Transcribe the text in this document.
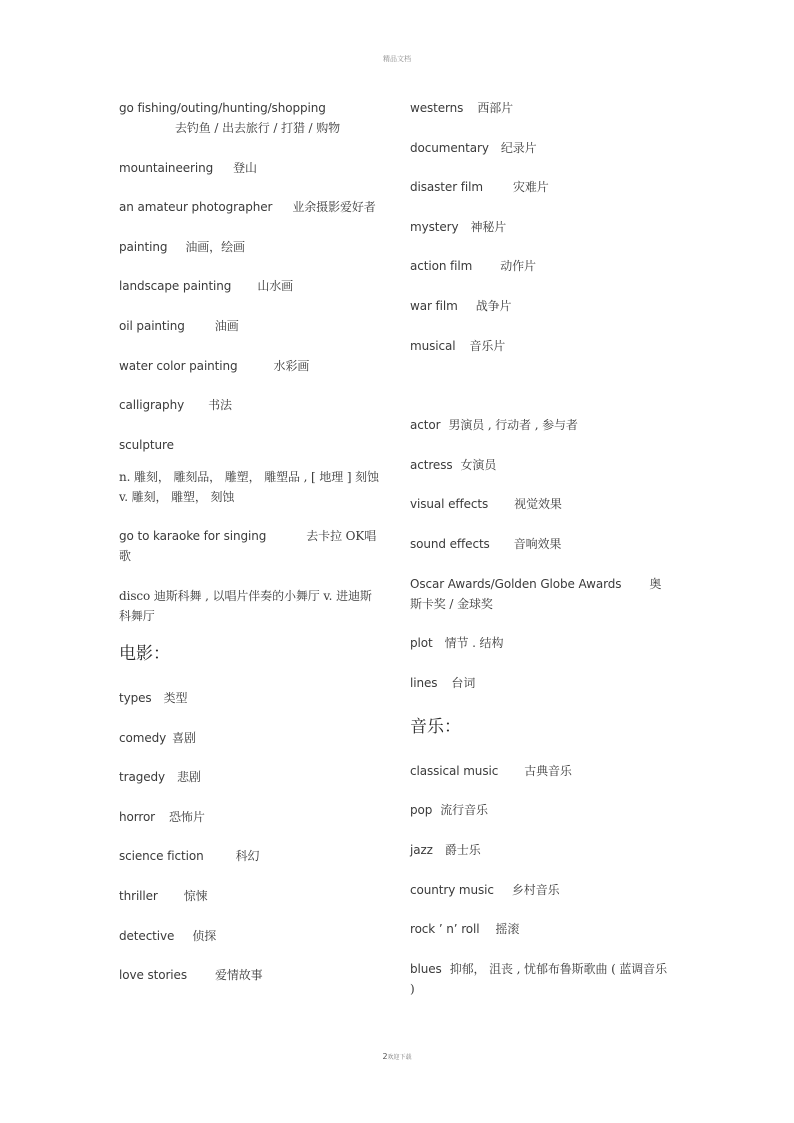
精品文档
go fishing/outing/hunting/shopping去钓鱼 / 出去旅行 / 打猎 / 购物
mountaineering 登山
an amateur photographer 业余摄影爱好者
painting 油画，绘画
landscape painting 山水画
oil painting	油画
water color painting	水彩画
calligraphy 书法
sculpture
n. 雕刻， 雕刻品， 雕塑， 雕塑品 , [ 地理 ] 刻蚀 v. 雕刻， 雕塑， 刻蚀
go to karaoke for singing	去卡拉 OK唱歌
disco 迪斯科舞 , 以唱片伴奏的小舞厅 v. 进迪斯科舞厅
电影：
types 类型
comedy 喜剧
tragedy 悲剧
horror 恐怖片
science fiction	科幻
thriller 惊悚
detective 侦探
love stories 爱情故事
westerns 西部片
documentary 纪录片
disaster film	灾难片
mystery 神秘片
action film 动作片
war film 战争片
musical 音乐片
actor 男演员 , 行动者 , 参与者
actress 女演员
visual effects 视觉效果
sound effects 音响效果
Oscar Awards/Golden Globe Awards 奥斯卡奖 / 金球奖
plot 情节 . 结构
lines 台词
音乐：
classical music 古典音乐
pop 流行音乐
jazz 爵士乐
country music 乡村音乐
rock ’ n’ roll 摇滚
blues 抑郁， 沮丧 , 忧郁布鲁斯歌曲 ( 蓝调音乐 )
2欢迎下载
